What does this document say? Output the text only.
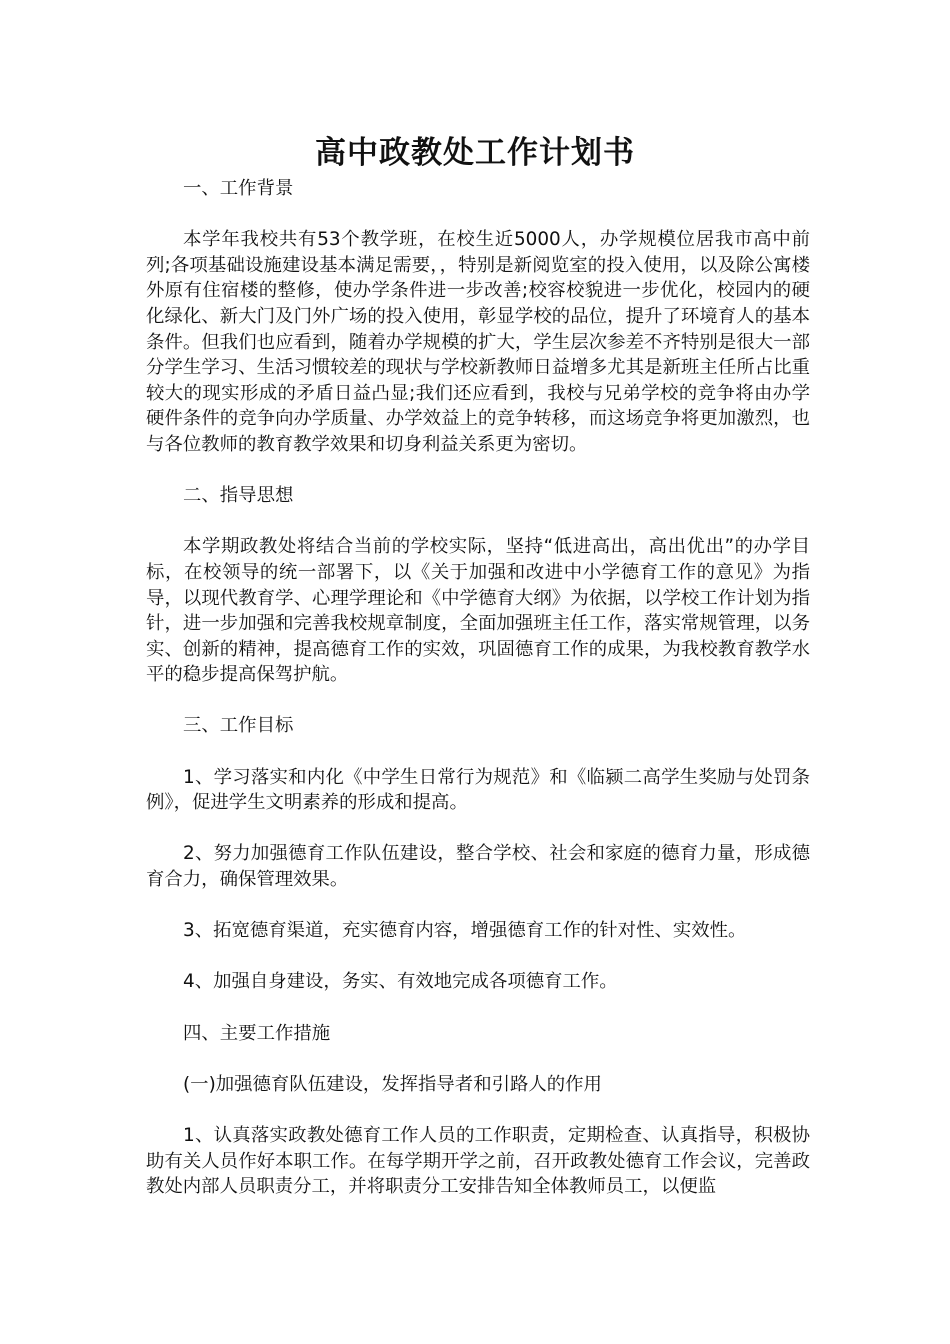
高中政教处工作计划书

一、工作背景

本学年我校共有53个教学班，在校生近5000人，办学规模位居我市高中前列;各项基础设施建设基本满足需要，，特别是新阅览室的投入使用，以及除公寓楼外原有住宿楼的整修，使办学条件进一步改善;校容校貌进一步优化，校园内的硬化绿化、新大门及门外广场的投入使用，彰显学校的品位，提升了环境育人的基本条件。但我们也应看到，随着办学规模的扩大，学生层次参差不齐特别是很大一部分学生学习、生活习惯较差的现状与学校新教师日益增多尤其是新班主任所占比重较大的现实形成的矛盾日益凸显;我们还应看到，我校与兄弟学校的竞争将由办学硬件条件的竞争向办学质量、办学效益上的竞争转移，而这场竞争将更加激烈，也与各位教师的教育教学效果和切身利益关系更为密切。

二、指导思想

本学期政教处将结合当前的学校实际，坚持“低进高出，高出优出”的办学目标，在校领导的统一部署下，以《关于加强和改进中小学德育工作的意见》为指导，以现代教育学、心理学理论和《中学德育大纲》为依据，以学校工作计划为指针，进一步加强和完善我校规章制度，全面加强班主任工作，落实常规管理，以务实、创新的精神，提高德育工作的实效，巩固德育工作的成果，为我校教育教学水平的稳步提高保驾护航。

三、工作目标

1、学习落实和内化《中学生日常行为规范》和《临颍二高学生奖励与处罚条例》，促进学生文明素养的形成和提高。

2、努力加强德育工作队伍建设，整合学校、社会和家庭的德育力量，形成德育合力，确保管理效果。

3、拓宽德育渠道，充实德育内容，增强德育工作的针对性、实效性。

4、加强自身建设，务实、有效地完成各项德育工作。

四、主要工作措施

(一)加强德育队伍建设，发挥指导者和引路人的作用

1、认真落实政教处德育工作人员的工作职责，定期检查、认真指导，积极协助有关人员作好本职工作。在每学期开学之前，召开政教处德育工作会议，完善政教处内部人员职责分工，并将职责分工安排告知全体教师员工，以便监
